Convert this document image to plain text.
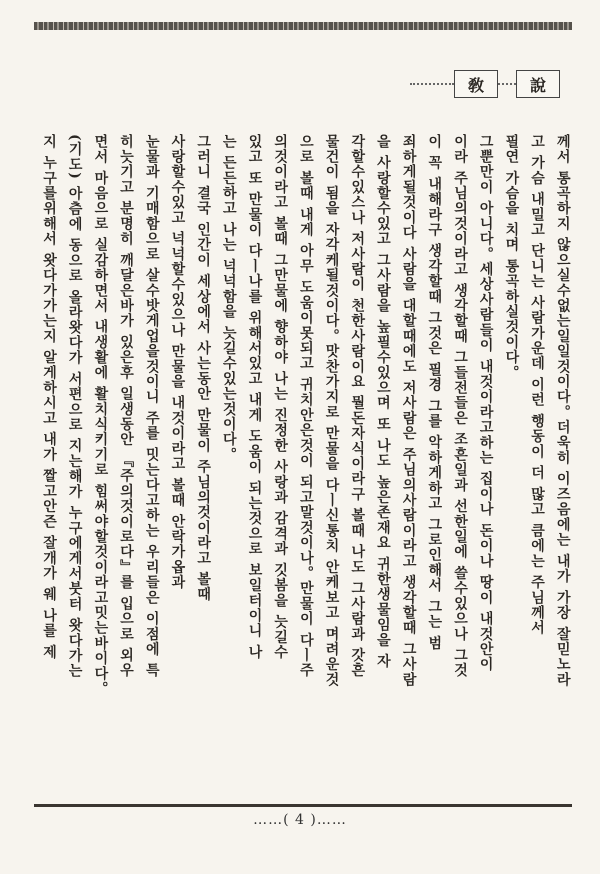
敎	說
께서 통곡하지 않으실수없는일일것이다。더욱히 이즈음에는 내가 가장 잘믿노라
고 가슴 내밀고 단니는 사람가운데 이런 행동이 더 많고 큼에는 주님께서
필연 가슴을 치며 통곡하실것이다。
그뿐만이 아니다。세상사람들이 내것이라고하는 집이나 돈이나 땅이 내것안이
이라 주님의것이라고 생각할때 그들전들은 조흔일과 선한일에 쓸수있으나 그것
이 꼭 내해라구 생각할때 그것은 필경 그를 악하게하고 그로인해서 그는 범
죄하게될것이다 사람을 대할때에도 저사람은 주님의사람이라고 생각할때 그사람
을 사랑할수있고 그사람을 높필수있으며 또 나도 높은존재요 귀한생물임을 자
각할수있스나 저사람이 천한사람이요 뭘돈자식이라구 볼때 나도 그사람과 갓흔
물건이 됨을 자각케될것이다。맛찬가지로 만물을 다ㅣ신통치 안케보고 며려운것
으로 볼때 내게 아무 도움이못되고 귀치안은것이 되고말것이나。만물이 다ㅣ주
의것이라고 볼때 그만물에 향하야 나는 진정한 사랑과 감격과 깃봄을 늣길수
있고 또 만물이 다ㅣ나를 위해서있고 내게 도움이 되는것으로 보일터이니 나
는 든든하고 나는 넉넉함을 늣길수있는것이다。
그러니 결국 인간이 세상에서 사는동안 만물이 주님의것이라고 볼때
사랑할수있고 넉넉할수있으나 만물을 내것이라고 볼때 안락가옵과
눈물과 기매함으로 살수밧게업을것이니 주를 밋는다고하는 우리들은 이점에 특
히늣기고 분명히 깨달은바가 있은후 일생동안 『주의것이로다』를 입으로 외우
면서 마음으로 실감하면서 내생활에 활치식키기로 힘써야할것이라고밋는바이다。
(기도) 아츰에 동으로 올라왓다가 서편으로 지는해가 누구에게서붓터 왓다가는
지 누구를위해서 왓다가가는지 알게하시고 내가 짤고안즌 잘개가 웨 나를 제
……( 4 )……
